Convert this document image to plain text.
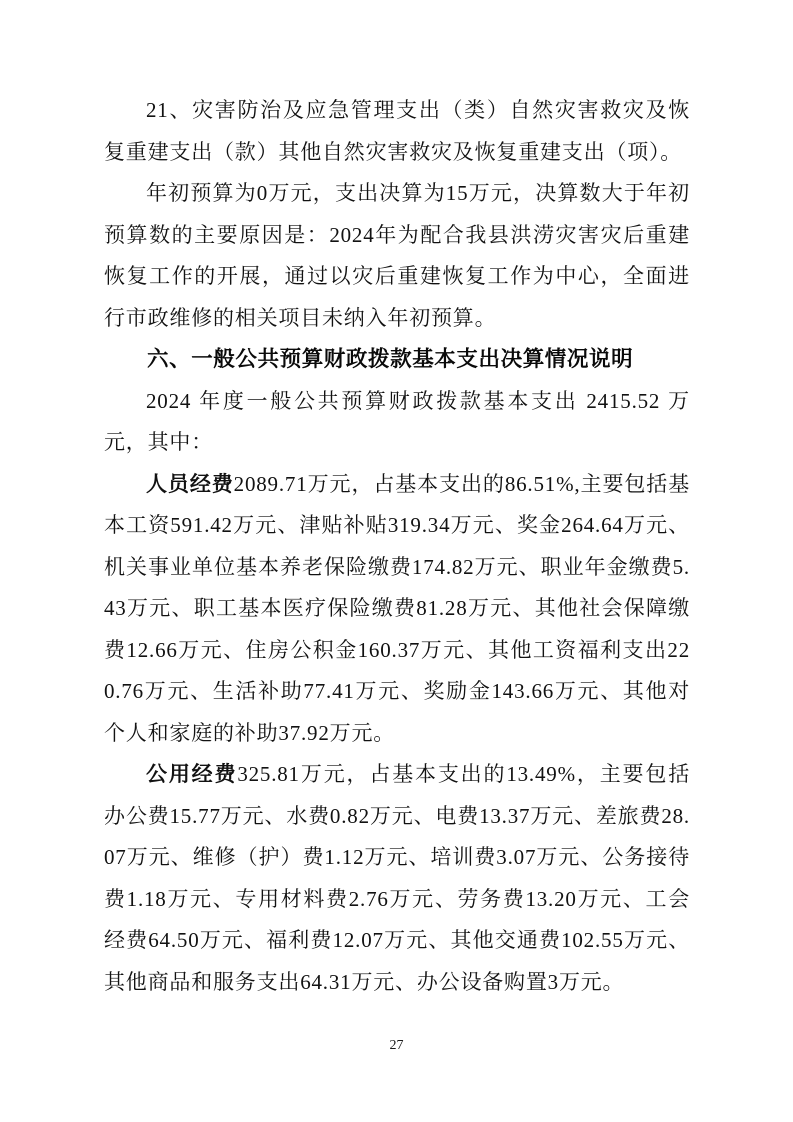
21、灾害防治及应急管理支出（类）自然灾害救灾及恢复重建支出（款）其他自然灾害救灾及恢复重建支出（项）。

年初预算为0万元，支出决算为15万元，决算数大于年初预算数的主要原因是：2024年为配合我县洪涝灾害灾后重建恢复工作的开展，通过以灾后重建恢复工作为中心，全面进行市政维修的相关项目未纳入年初预算。

六、一般公共预算财政拨款基本支出决算情况说明

2024 年度一般公共预算财政拨款基本支出 2415.52 万元，其中：

人员经费2089.71万元，占基本支出的86.51%,主要包括基本工资591.42万元、津贴补贴319.34万元、奖金264.64万元、机关事业单位基本养老保险缴费174.82万元、职业年金缴费5.43万元、职工基本医疗保险缴费81.28万元、其他社会保障缴费12.66万元、住房公积金160.37万元、其他工资福利支出220.76万元、生活补助77.41万元、奖励金143.66万元、其他对个人和家庭的补助37.92万元。

公用经费325.81万元，占基本支出的13.49%，主要包括办公费15.77万元、水费0.82万元、电费13.37万元、差旅费28.07万元、维修（护）费1.12万元、培训费3.07万元、公务接待费1.18万元、专用材料费2.76万元、劳务费13.20万元、工会经费64.50万元、福利费12.07万元、其他交通费102.55万元、其他商品和服务支出64.31万元、办公设备购置3万元。

27
